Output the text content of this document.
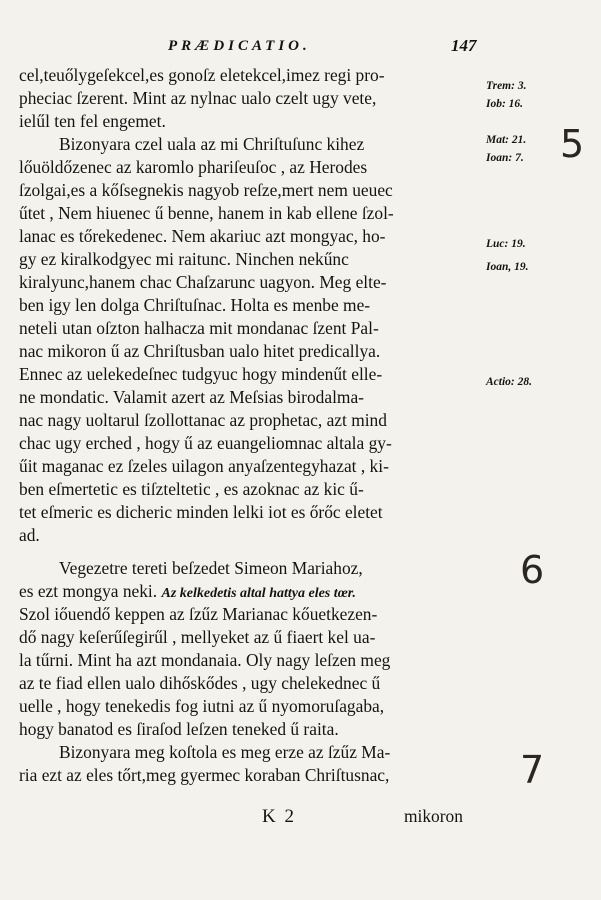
PRÆDICATIO.	147
cel,teuőlygeſekcel,es gonoſz eletekcel,imez regi pro-
pheciac ſzerent. Mint az nylnac ualo czelt ugy vete,
ielűl ten fel engemet.
Bizonyara czel uala az mi Chriſtuſunc kihez
lőuöldőzenec az karomlo phariſeuſoc , az Herodes
ſzolgai,es a kőſsegnekis nagyob reſze,mert nem ueuec
űtet , Nem hiuenec ű benne, hanem in kab ellene ſzol-
lanac es tőrekedenec. Nem akariuc azt mongyac, ho-
gy ez kiralkodgyec mi raitunc. Ninchen nekűnc
kiralyunc,hanem chac Chaſzarunc uagyon. Meg elte-
ben igy len dolga Chriſtuſnac. Holta es menbe me-
neteli utan oſzton halhacza mit mondanac ſzent Pal-
nac mikoron ű az Chriſtusban ualo hitet predicallya.
Ennec az uelekedeſnec tudgyuc hogy mindenűt elle-
ne mondatic. Valamit azert az Meſsias birodalma-
nac nagy uoltarul ſzollottanac az prophetac, azt mind
chac ugy erched , hogy ű az euangeliomnac altala gy-
űit maganac ez ſzeles uilagon anyaſzentegyhazat , ki-
ben eſmertetic es tiſzteltetic , es azoknac az kic ű-
tet eſmeric es dicheric minden lelki iot es őrőc eletet
ad.
Vegezetre tereti beſzedet Simeon Mariahoz,
es ezt mongya neki. Az kelkedetis altal hattya eles tœr.
Szol iőuendő keppen az ſzűz Marianac kőuetkezen-
dő nagy keſerűſegirűl , mellyeket az ű fiaert kel ua-
la tűrni. Mint ha azt mondanaia. Oly nagy leſzen meg
az te fiad ellen ualo dihőskődes , ugy chelekednec ű
uelle , hogy tenekedis fog iutni az ű nyomoruſagaba,
hogy banatod es ſiraſod leſzen teneked ű raita.
Bizonyara meg koſtola es meg erze az ſzűz Ma-
ria ezt az eles tőrt,meg gyermec koraban Chriſtusnac,
Trem: 3.
Iob: 16.
Mat: 21.
Ioan: 7.
Luc: 19.
Ioan, 19.
Actio: 28.
5
6
7
K 2	mikoron
